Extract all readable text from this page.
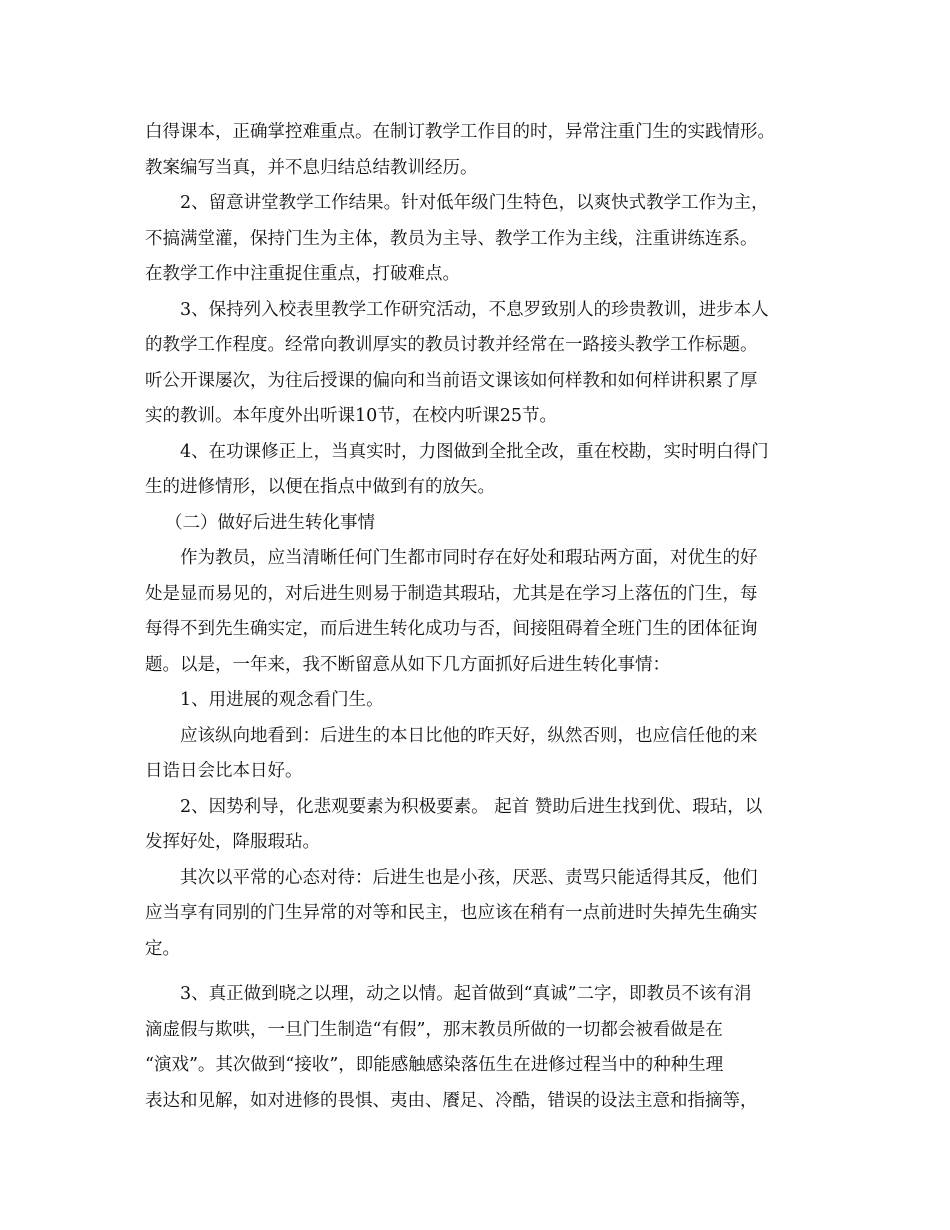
白得课本，正确掌控难重点。在制订教学工作目的时，异常注重门生的实践情形。
教案编写当真，并不息归结总结教训经历。
2、留意讲堂教学工作结果。针对低年级门生特色，以爽快式教学工作为主，
不搞满堂灌，保持门生为主体，教员为主导、教学工作为主线，注重讲练连系。
在教学工作中注重捉住重点，打破难点。
3、保持列入校表里教学工作研究活动，不息罗致别人的珍贵教训，进步本人
的教学工作程度。经常向教训厚实的教员讨教并经常在一路接头教学工作标题。
听公开课屡次，为往后授课的偏向和当前语文课该如何样教和如何样讲积累了厚
实的教训。本年度外出听课10节，在校内听课25节。
4、在功课修正上，当真实时，力图做到全批全改，重在校勘，实时明白得门
生的进修情形，以便在指点中做到有的放矢。
（二）做好后进生转化事情
作为教员，应当清晰任何门生都市同时存在好处和瑕玷两方面，对优生的好
处是显而易见的，对后进生则易于制造其瑕玷，尤其是在学习上落伍的门生，每
每得不到先生确实定，而后进生转化成功与否，间接阻碍着全班门生的团体征询
题。以是，一年来，我不断留意从如下几方面抓好后进生转化事情：
1、用进展的观念看门生。
应该纵向地看到：后进生的本日比他的昨天好，纵然否则，也应信任他的来
日诰日会比本日好。
2、因势利导，化悲观要素为积极要素。 起首 赞助后进生找到优、瑕玷，以
发挥好处，降服瑕玷。
其次以平常的心态对待：后进生也是小孩，厌恶、责骂只能适得其反，他们
应当享有同别的门生异常的对等和民主，也应该在稍有一点前进时失掉先生确实
定。
3、真正做到晓之以理，动之以情。起首做到“真诚”二字，即教员不该有涓
滴虚假与欺哄，一旦门生制造“有假”，那末教员所做的一切都会被看做是在
“演戏”。其次做到“接收”，即能感触感染落伍生在进修过程当中的种种生理
表达和见解，如对进修的畏惧、夷由、餍足、冷酷，错误的设法主意和指摘等，
